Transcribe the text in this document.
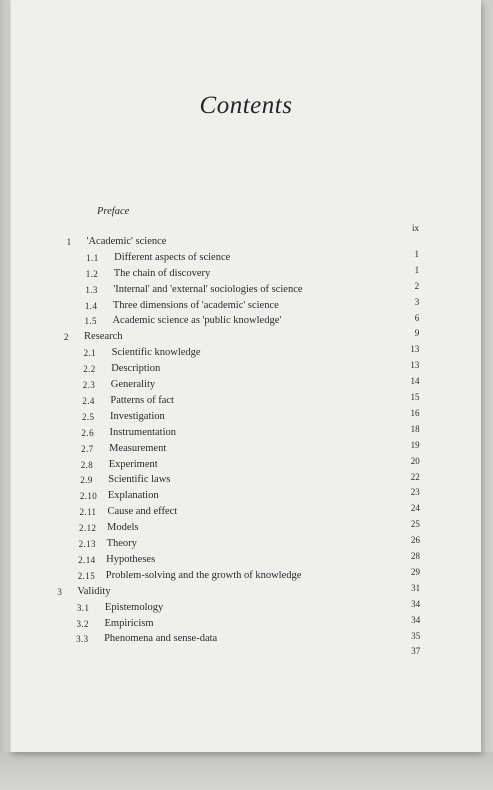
Contents
Preface
ix
1 'Academic' science
1
1.1 Different aspects of science
1
1.2 The chain of discovery
2
1.3 'Internal' and 'external' sociologies of science
3
1.4 Three dimensions of 'academic' science
6
1.5 Academic science as 'public knowledge'
9
2 Research
13
2.1 Scientific knowledge
13
2.2 Description
14
2.3 Generality
15
2.4 Patterns of fact
16
2.5 Investigation
18
2.6 Instrumentation
19
2.7 Measurement
20
2.8 Experiment
22
2.9 Scientific laws
23
2.10 Explanation
24
2.11 Cause and effect
25
2.12 Models
26
2.13 Theory
28
2.14 Hypotheses
29
2.15 Problem-solving and the growth of knowledge
31
3 Validity
34
3.1 Epistemology
34
3.2 Empiricism
35
3.3 Phenomena and sense-data
37
